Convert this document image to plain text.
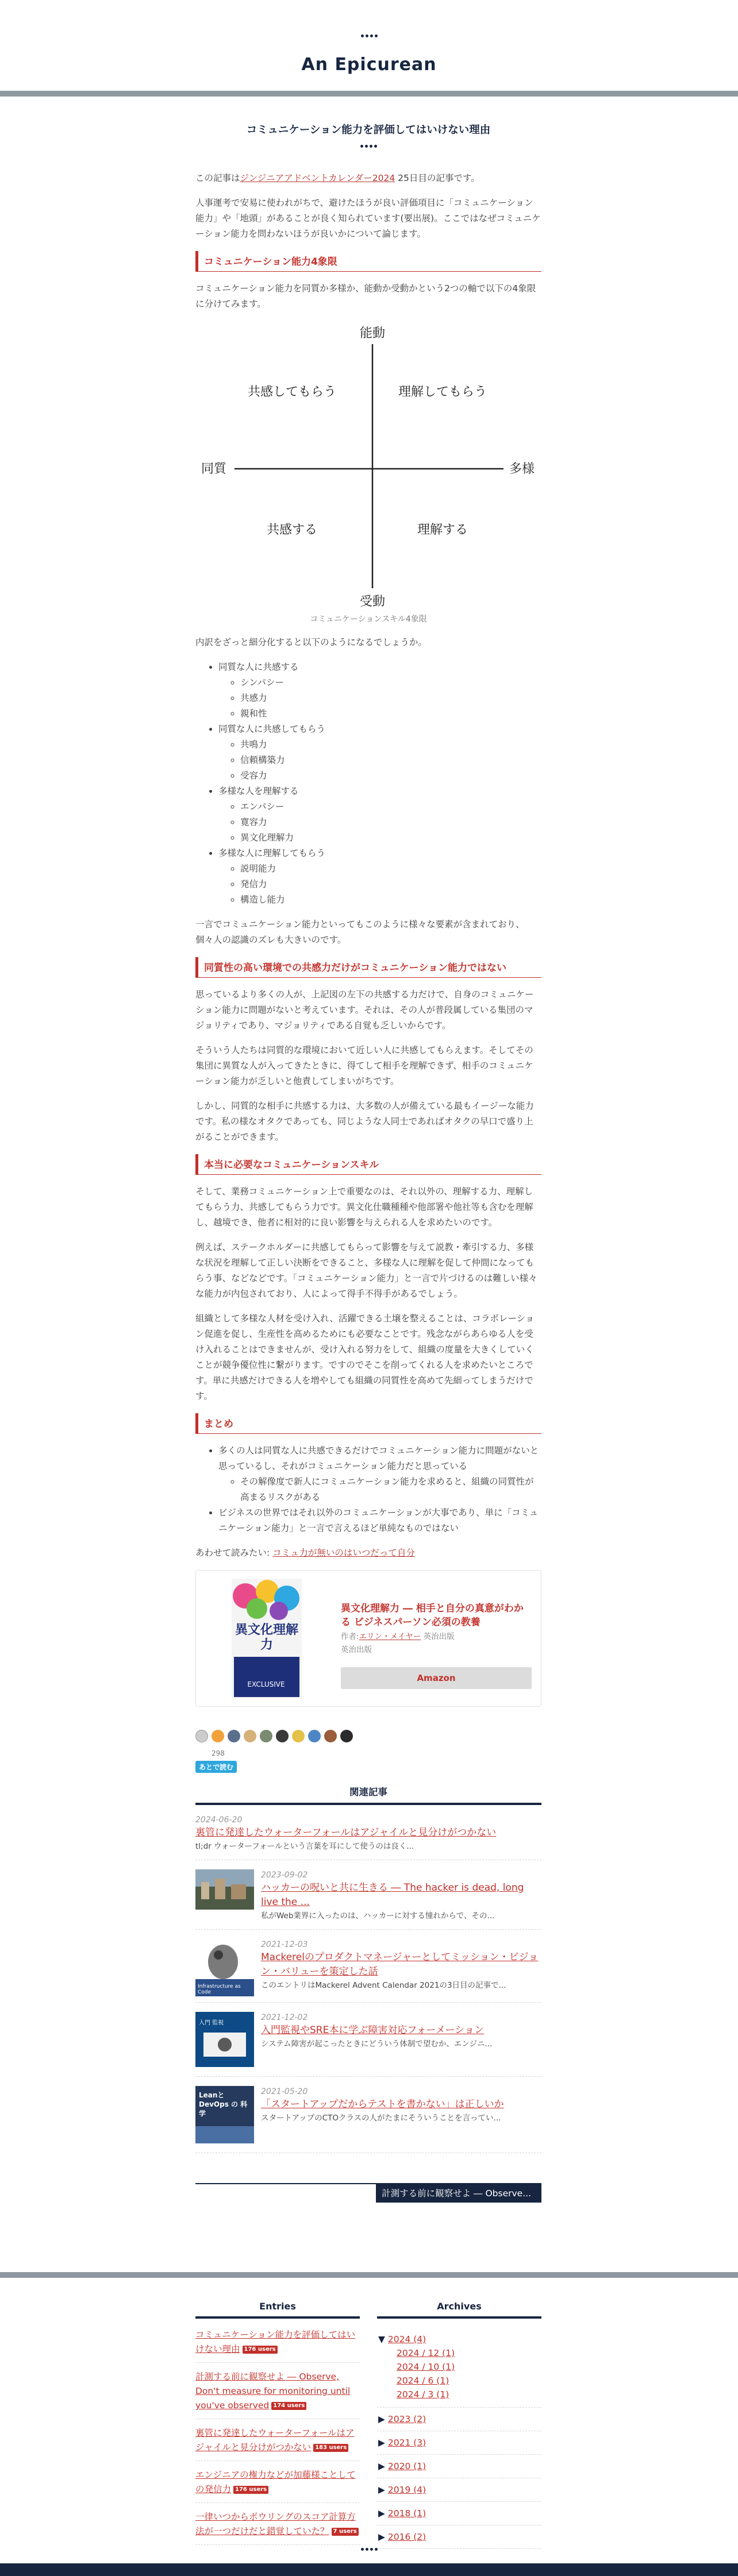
An Epicurean
コミュニケーション能力を評価してはいけない理由

この記事はジンジニアアドベントカレンダー2024 25日目の記事です。

人事運考で安易に使われがちで、避けたほうが良い評価項目に「コミュニケーション能力」や「地頭」があることが良く知られています(要出展)。ここではなぜコミュニケーション能力を問わないほうが良いかについて論じます。

コミュニケーション能力4象限

コミュニケーション能力を同質か多様か、能動か受動かという2つの軸で以下の4象限に分けてみます。

能動
受動
同質	多様
共感してもらう	理解してもらう
共感する	理解する
コミュニケーションスキル4象限

内訳をざっと細分化すると以下のようになるでしょうか。

• 同質な人に共感する
◦ シンパシー
◦ 共感力
◦ 親和性
• 同質な人に共感してもらう
◦ 共鳴力
◦ 信頼構築力
◦ 受容力
• 多様な人を理解する
◦ エンパシー
◦ 寛容力
◦ 異文化理解力
• 多様な人に理解してもらう
◦ 説明能力
◦ 発信力
◦ 構造し能力

一言でコミュニケーション能力といってもこのように様々な要素が含まれており、個々人の認識のズレも大きいのです。

同質性の高い環境での共感力だけがコミュニケーション能力ではない

思っているより多くの人が、上記図の左下の共感する力だけで、自身のコミュニケーション能力に問題がないと考えています。それは、その人が普段属している集団のマジョリティであり、マジョリティである自覚も乏しいからです。

そういう人たちは同質的な環境において近しい人に共感してもらえます。そしてその集団に異質な人が入ってきたときに、得てして相手を理解できず、相手のコミュニケーション能力が乏しいと他責してしまいがちです。

しかし、同質的な相手に共感する力は、大多数の人が備えている最もイージーな能力です。私の様なオタクであっても、同じような人同士であればオタクの早口で盛り上がることができます。

本当に必要なコミュニケーションスキル

そして、業務コミュニケーション上で重要なのは、それ以外の、理解する力、理解してもらう力、共感してもらう力です。異文化仕職種種や他部署や他社等も含むを理解し、越境でき、他者に相対的に良い影響を与えられる人を求めたいのです。

例えば、ステークホルダーに共感してもらって影響を与えて説教・牽引する力、多様な状況を理解して正しい決断をできること、多様な人に理解を促して仲間になってもらう事、などなどです。「コミュニケーション能力」と一言で片づけるのは難しい様々な能力が内包されており、人によって得手不得手があるでしょう。

組織として多様な人材を受け入れ、活躍できる土壌を整えることは、コラボレーション促進を促し、生産性を高めるためにも必要なことです。残念ながらあらゆる人を受け入れることはできませんが、受け入れる努力をして、組織の度量を大きくしていくことが競争優位性に繋がります。ですのでそこを削ってくれる人を求めたいところです。単に共感だけできる人を増やしても組織の同質性を高めて先細ってしまうだけです。

まとめ
• 多くの人は同質な人に共感できるだけでコミュニケーション能力に問題がないと思っているし、それがコミュニケーション能力だと思っている
◦ その解像度で新人にコミュニケーション能力を求めると、組織の同質性が高まるリスクがある
• ビジネスの世界ではそれ以外のコミュニケーションが大事であり、単に「コミュニケーション能力」と一言で言えるほど単純なものではない

あわせて読みたい: コミュ力が無いのはいつだって自分

EXCLUSIVE
異文化理解力
異文化理解力 ― 相手と自分の真意がわかる ビジネスパーソン必須の教養
作者:エリン・メイヤー 英治出版
英治出版
Amazon
298
あとで読む
関連記事
2024-06-20
裏管に発達したウォーターフォールはアジャイルと見分けがつかない
tl;dr ウォーターフォールという言葉を耳にして使うのは良く...
2023-09-02
ハッカーの呪いと共に生きる ― The hacker is dead, long live the ...
私がWeb業界に入ったのは、ハッカーに対する憧れからで、その...
Infrastructure as Code
2021-12-03
Mackerelのプロダクトマネージャーとしてミッション・ビジョン・バリューを策定した話
このエントリはMackerel Advent Calendar 2021の3日目の記事で...
入門 監視
2021-12-02
入門監視やSRE本に学ぶ障害対応フォーメーション
システム障害が起こったときにどういう体制で望むか、エンジニ...
Leanと DevOps の 科学
2021-05-20
「スタートアップだからテストを書かない」は正しいか
スタートアップのCTOクラスの人がたまにそういうことを言ってい...
計測する前に観察せよ ― Observe...
Entries
コミュニケーション能力を評価してはいけない理由 176 users
計測する前に観察せよ ― Observe, Don't measure for monitoring until you've observed 174 users
裏管に発達したウォーターフォールはアジャイルと見分けがつかない 183 users
エンジニアの権力などが加藤様ことしての発信力 176 users
一律いつからボウリングのスコア計算方法が一つだけだと錯覚していた？ 7 users
Archives
▼ 2024 (4)
2024 / 12 (1)
2024 / 10 (1)
2024 / 6 (1)
2024 / 3 (1)
▶ 2023 (2)
▶ 2021 (3)
▶ 2020 (1)
▶ 2019 (4)
▶ 2018 (1)
▶ 2016 (2)
